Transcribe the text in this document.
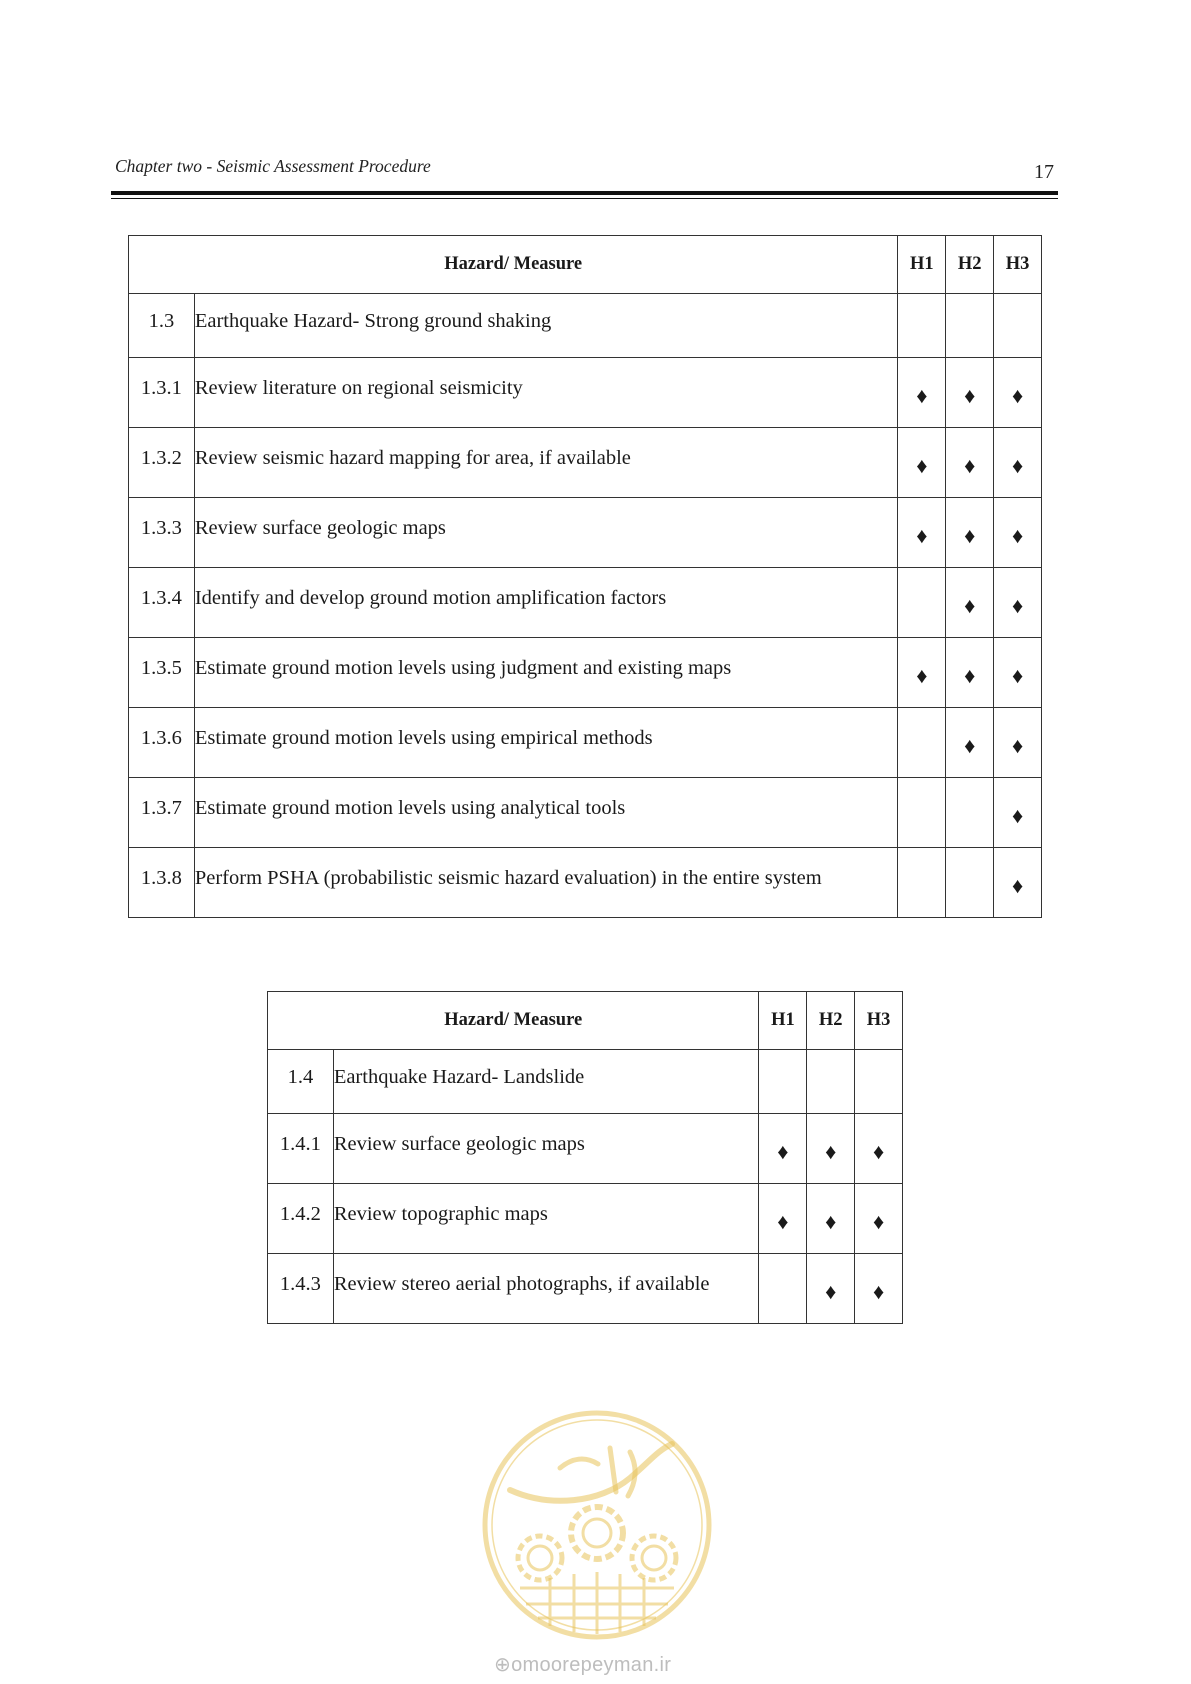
Chapter two - Seismic Assessment Procedure	17
Hazard/ Measure		H1	H2	H3
1.3	Earthquake Hazard- Strong ground shaking			
1.3.1	Review literature on regional seismicity	♦	♦	♦
1.3.2	Review seismic hazard mapping for area, if available	♦	♦	♦
1.3.3	Review surface geologic maps	♦	♦	♦
1.3.4	Identify and develop ground motion amplification factors		♦	♦
1.3.5	Estimate ground motion levels using judgment and existing maps	♦	♦	♦
1.3.6	Estimate ground motion levels using empirical methods		♦	♦
1.3.7	Estimate ground motion levels using analytical tools			♦
1.3.8	Perform PSHA (probabilistic seismic hazard evaluation) in the entire system			♦
Hazard/ Measure		H1	H2	H3
1.4	Earthquake Hazard- Landslide			
1.4.1	Review surface geologic maps	♦	♦	♦
1.4.2	Review topographic maps	♦	♦	♦
1.4.3	Review stereo aerial photographs, if available		♦	♦
⊕omoorepeyman.ir
